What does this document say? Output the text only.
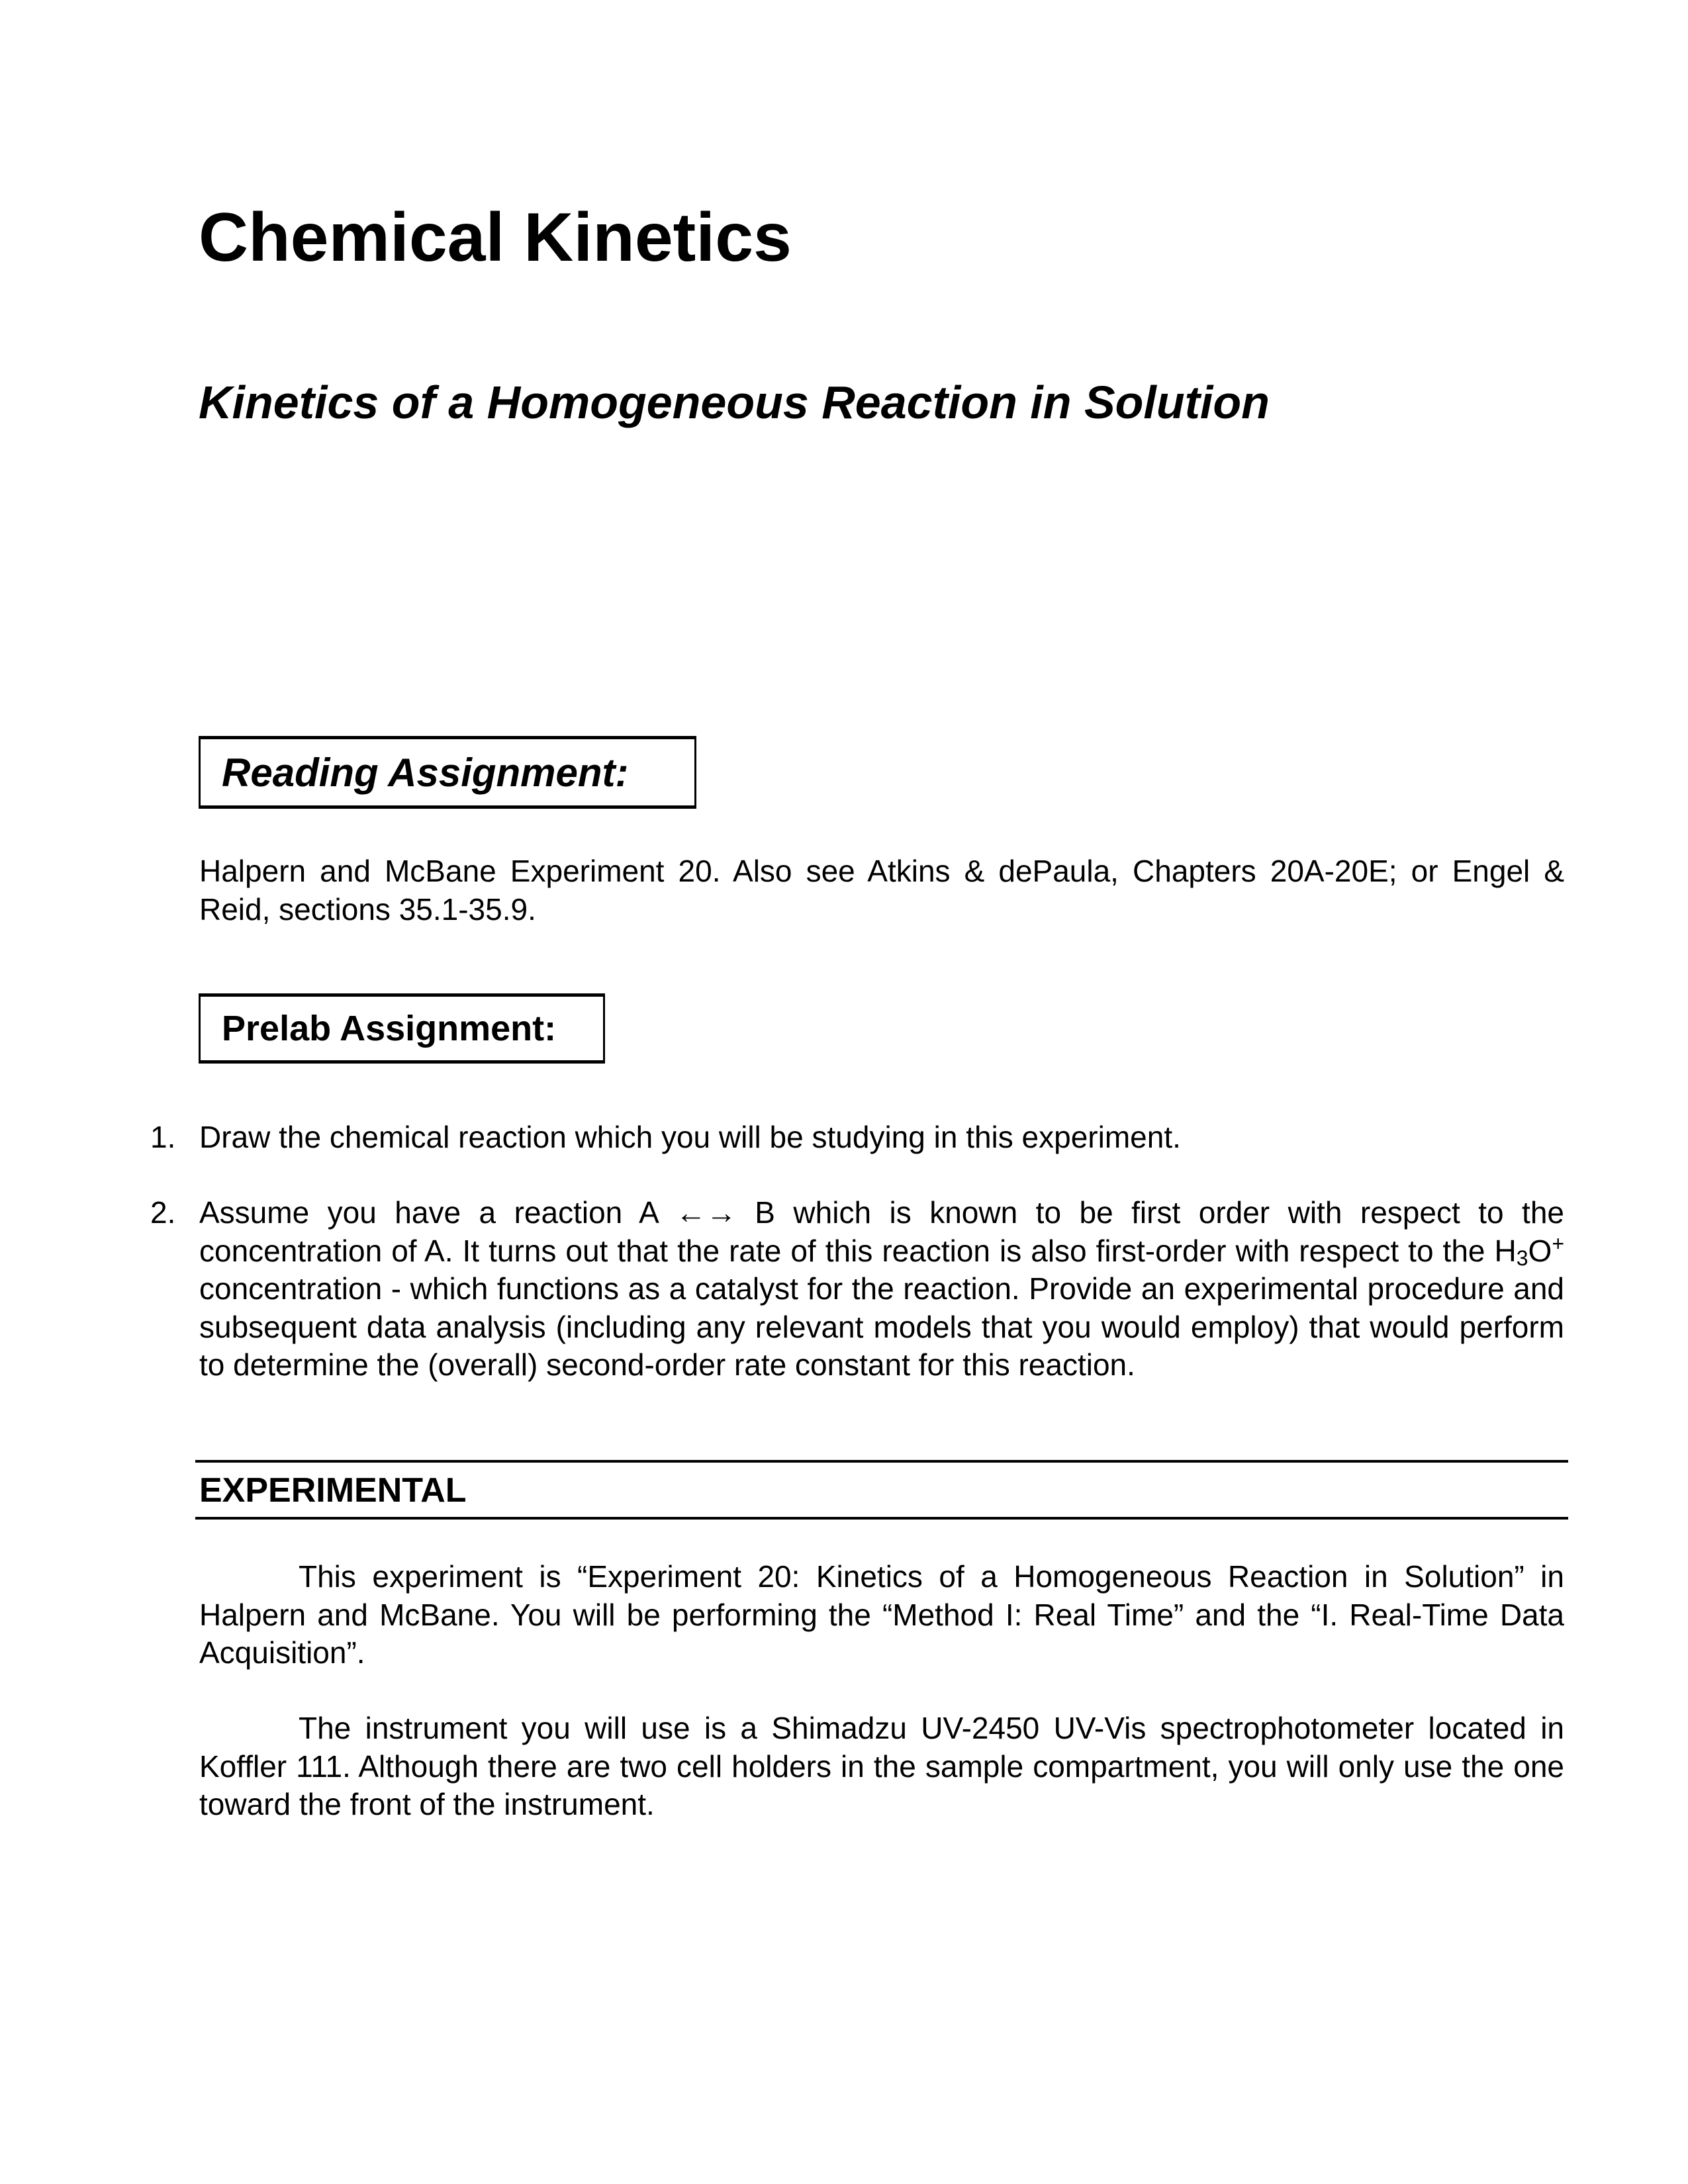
Chemical Kinetics
Kinetics of a Homogeneous Reaction in Solution
Reading Assignment:
Halpern and McBane Experiment 20. Also see Atkins & dePaula, Chapters 20A-20E; or Engel & Reid, sections 35.1-35.9.
Prelab Assignment:
1. Draw the chemical reaction which you will be studying in this experiment.
2. Assume you have a reaction A ←→ B which is known to be first order with respect to the concentration of A. It turns out that the rate of this reaction is also first-order with respect to the $H_3O^+$ concentration - which functions as a catalyst for the reaction. Provide an experimental procedure and subsequent data analysis (including any relevant models that you would employ) that would perform to determine the (overall) second-order rate constant for this reaction.
EXPERIMENTAL
This experiment is “Experiment 20: Kinetics of a Homogeneous Reaction in Solution” in Halpern and McBane. You will be performing the “Method I: Real Time” and the “I. Real-Time Data Acquisition”.
The instrument you will use is a Shimadzu UV-2450 UV-Vis spectrophotometer located in Koffler 111. Although there are two cell holders in the sample compartment, you will only use the one toward the front of the instrument.
